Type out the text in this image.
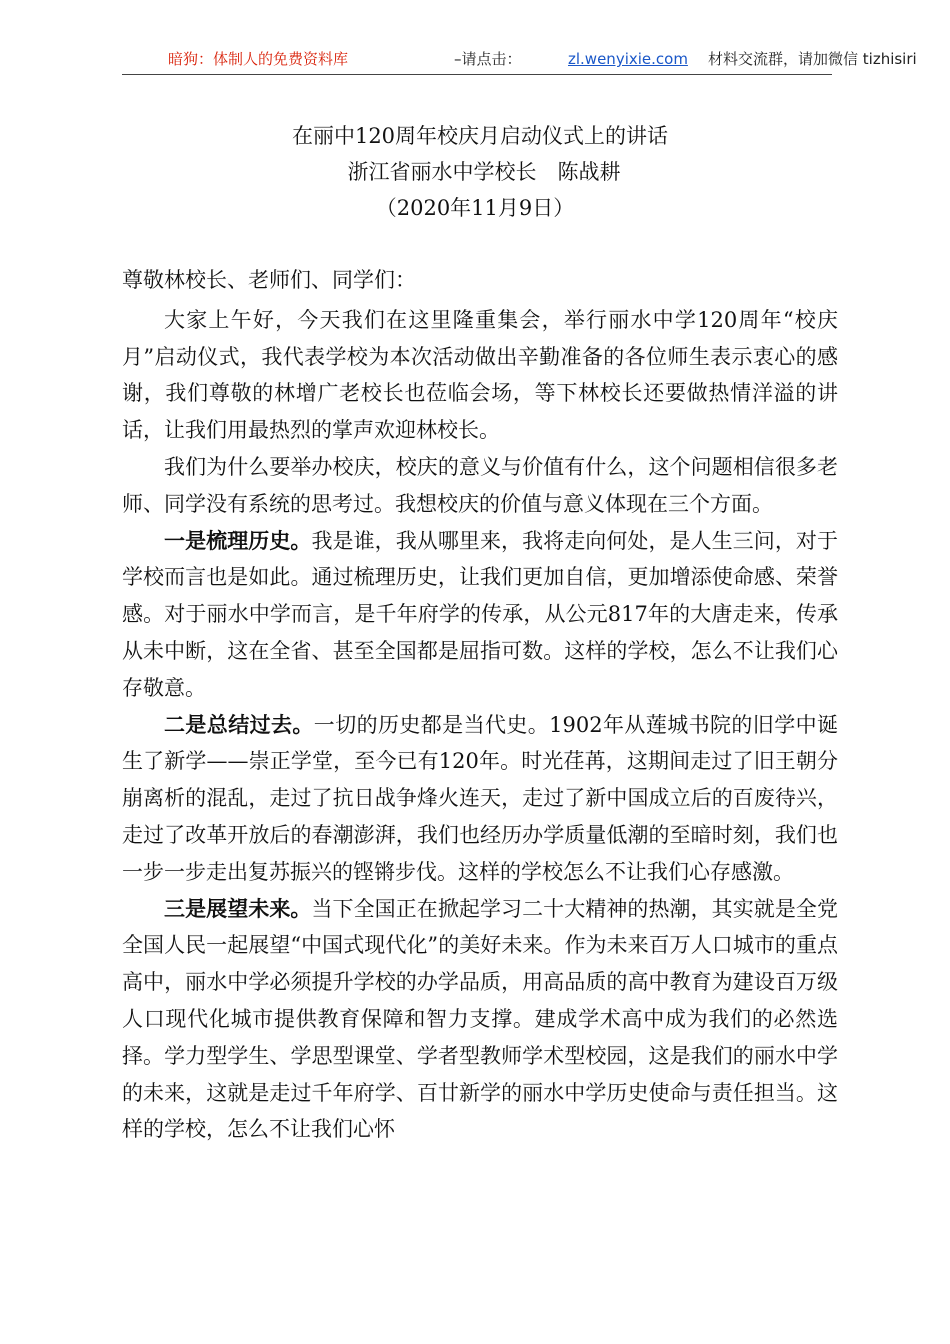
暗狗：体制人的免费资料库	–请点击：	zl.wenyixie.com 材料交流群，请加微信 tizhisiri
在丽中120周年校庆月启动仪式上的讲话
浙江省丽水中学校长　陈战耕
（2020年11月9日）

尊敬林校长、老师们、同学们：

大家上午好，今天我们在这里隆重集会，举行丽水中学120周年“校庆月”启动仪式，我代表学校为本次活动做出辛勤准备的各位师生表示衷心的感谢，我们尊敬的林增广老校长也莅临会场，等下林校长还要做热情洋溢的讲话，让我们用最热烈的掌声欢迎林校长。

我们为什么要举办校庆，校庆的意义与价值有什么，这个问题相信很多老师、同学没有系统的思考过。我想校庆的价值与意义体现在三个方面。

一是梳理历史。我是谁，我从哪里来，我将走向何处，是人生三问，对于学校而言也是如此。通过梳理历史，让我们更加自信，更加增添使命感、荣誉感。对于丽水中学而言，是千年府学的传承，从公元817年的大唐走来，传承从未中断，这在全省、甚至全国都是屈指可数。这样的学校，怎么不让我们心存敬意。

二是总结过去。一切的历史都是当代史。1902年从莲城书院的旧学中诞生了新学——崇正学堂，至今已有120年。时光荏苒，这期间走过了旧王朝分崩离析的混乱，走过了抗日战争烽火连天，走过了新中国成立后的百废待兴，走过了改革开放后的春潮澎湃，我们也经历办学质量低潮的至暗时刻，我们也一步一步走出复苏振兴的铿锵步伐。这样的学校怎么不让我们心存感激。

三是展望未来。当下全国正在掀起学习二十大精神的热潮，其实就是全党全国人民一起展望“中国式现代化”的美好未来。作为未来百万人口城市的重点高中，丽水中学必须提升学校的办学品质，用高品质的高中教育为建设百万级人口现代化城市提供教育保障和智力支撑。建成学术高中成为我们的必然选择。学力型学生、学思型课堂、学者型教师学术型校园，这是我们的丽水中学的未来，这就是走过千年府学、百廿新学的丽水中学历史使命与责任担当。这样的学校，怎么不让我们心怀
